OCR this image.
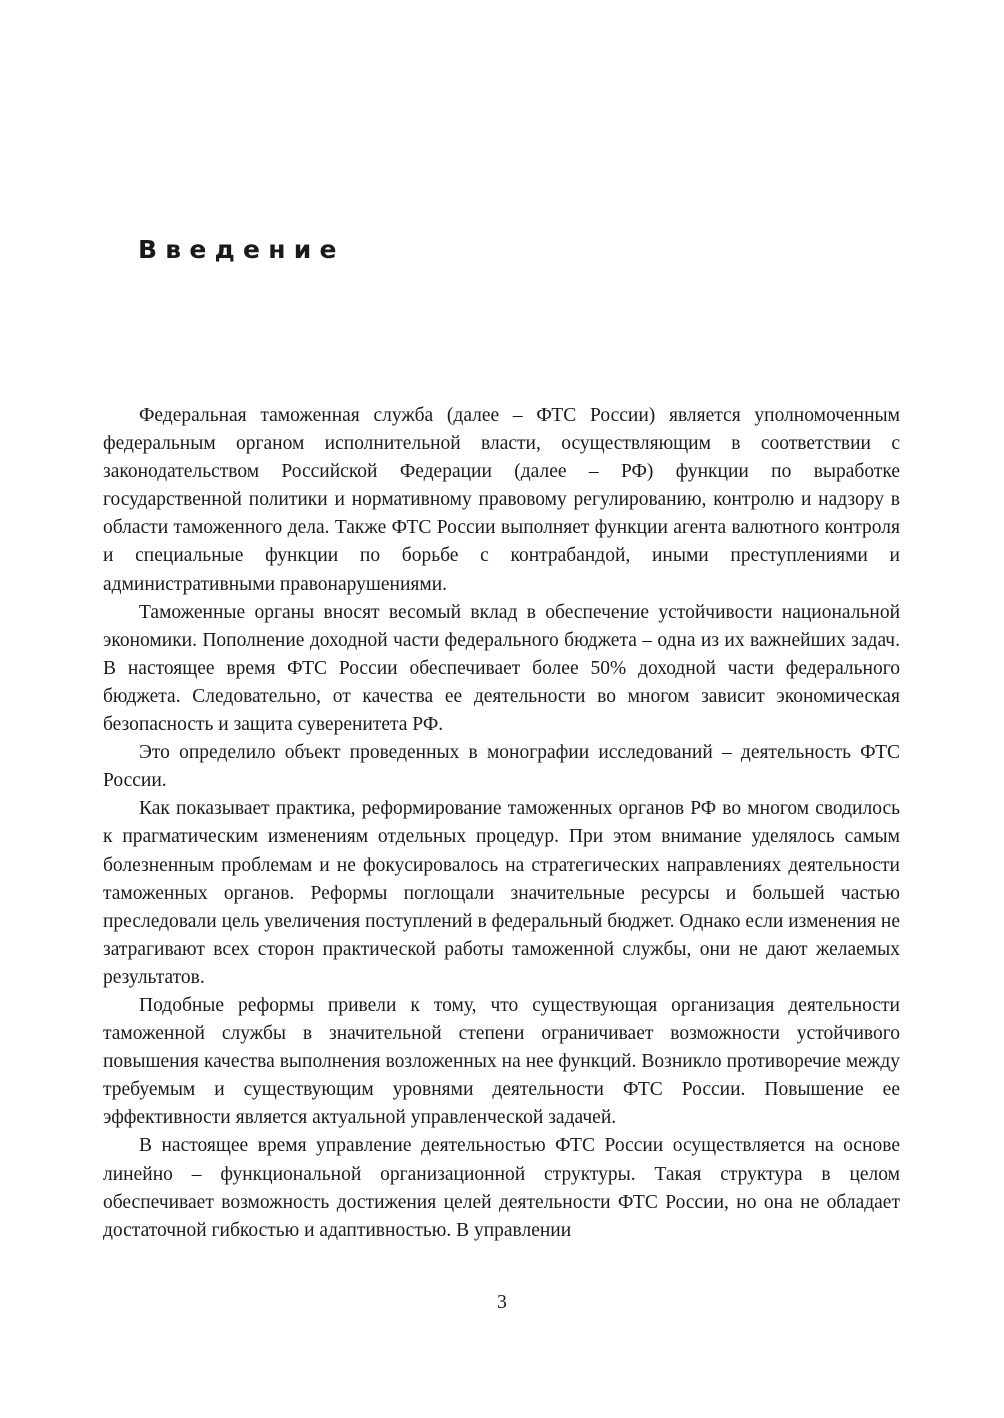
Введение

Федеральная таможенная служба (далее – ФТС России) является уполномоченным федеральным органом исполнительной власти, осуществляющим в соответствии с законодательством Российской Федерации (далее – РФ) функции по выработке государственной политики и нормативному правовому регулированию, контролю и надзору в области таможенного дела. Также ФТС России выполняет функции агента валютного контроля и специальные функции по борьбе с контрабандой, иными преступлениями и административными правонарушениями.

Таможенные органы вносят весомый вклад в обеспечение устойчивости национальной экономики. Пополнение доходной части федерального бюджета – одна из их важнейших задач. В настоящее время ФТС России обеспечивает более 50% доходной части федерального бюджета. Следовательно, от качества ее деятельности во многом зависит экономическая безопасность и защита суверенитета РФ.

Это определило объект проведенных в монографии исследований – деятельность ФТС России.

Как показывает практика, реформирование таможенных органов РФ во многом сводилось к прагматическим изменениям отдельных процедур. При этом внимание уделялось самым болезненным проблемам и не фокусировалось на стратегических направлениях деятельности таможенных органов. Реформы поглощали значительные ресурсы и большей частью преследовали цель увеличения поступлений в федеральный бюджет. Однако если изменения не затрагивают всех сторон практической работы таможенной службы, они не дают желаемых результатов.

Подобные реформы привели к тому, что существующая организация деятельности таможенной службы в значительной степени ограничивает возможности устойчивого повышения качества выполнения возложенных на нее функций. Возникло противоречие между требуемым и существующим уровнями деятельности ФТС России. Повышение ее эффективности является актуальной управленческой задачей.

В настоящее время управление деятельностью ФТС России осуществляется на основе линейно – функциональной организационной структуры. Такая структура в целом обеспечивает возможность достижения целей деятельности ФТС России, но она не обладает достаточной гибкостью и адаптивностью. В управлении

3
